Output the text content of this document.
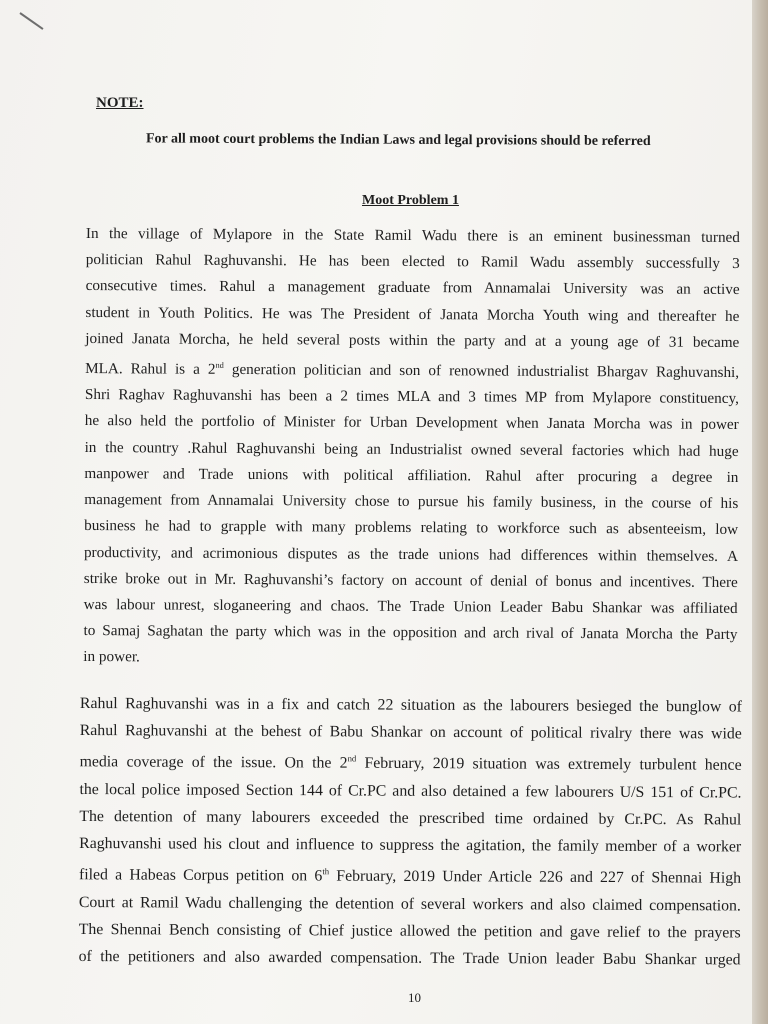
NOTE:
For all moot court problems the Indian Laws and legal provisions should be referred
Moot Problem 1
In the village of Mylapore in the State Ramil Wadu there is an eminent businessman turned
politician Rahul Raghuvanshi. He has been elected to Ramil Wadu assembly successfully 3
consecutive times. Rahul a management graduate from Annamalai University was an active
student in Youth Politics. He was The President of Janata Morcha Youth wing and thereafter he
joined Janata Morcha, he held several posts within the party and at a young age of 31 became
MLA. Rahul is a 2nd generation politician and son of renowned industrialist Bhargav Raghuvanshi,
Shri Raghav Raghuvanshi has been a 2 times MLA and 3 times MP from Mylapore constituency,
he also held the portfolio of Minister for Urban Development when Janata Morcha was in power
in the country .Rahul Raghuvanshi being an Industrialist owned several factories which had huge
manpower and Trade unions with political affiliation. Rahul after procuring a degree in
management from Annamalai University chose to pursue his family business, in the course of his
business he had to grapple with many problems relating to workforce such as absenteeism, low
productivity, and acrimonious disputes as the trade unions had differences within themselves. A
strike broke out in Mr. Raghuvanshi’s factory on account of denial of bonus and incentives. There
was labour unrest, sloganeering and chaos. The Trade Union Leader Babu Shankar was affiliated
to Samaj Saghatan the party which was in the opposition and arch rival of Janata Morcha the Party
in power.
Rahul Raghuvanshi was in a fix and catch 22 situation as the labourers besieged the bunglow of
Rahul Raghuvanshi at the behest of Babu Shankar on account of political rivalry there was wide
media coverage of the issue. On the 2nd February, 2019 situation was extremely turbulent hence
the local police imposed Section 144 of Cr.PC and also detained a few labourers U/S 151 of Cr.PC.
The detention of many labourers exceeded the prescribed time ordained by Cr.PC. As Rahul
Raghuvanshi used his clout and influence to suppress the agitation, the family member of a worker
filed a Habeas Corpus petition on 6th February, 2019 Under Article 226 and 227 of Shennai High
Court at Ramil Wadu challenging the detention of several workers and also claimed compensation.
The Shennai Bench consisting of Chief justice allowed the petition and gave relief to the prayers
of the petitioners and also awarded compensation. The Trade Union leader Babu Shankar urged
10
